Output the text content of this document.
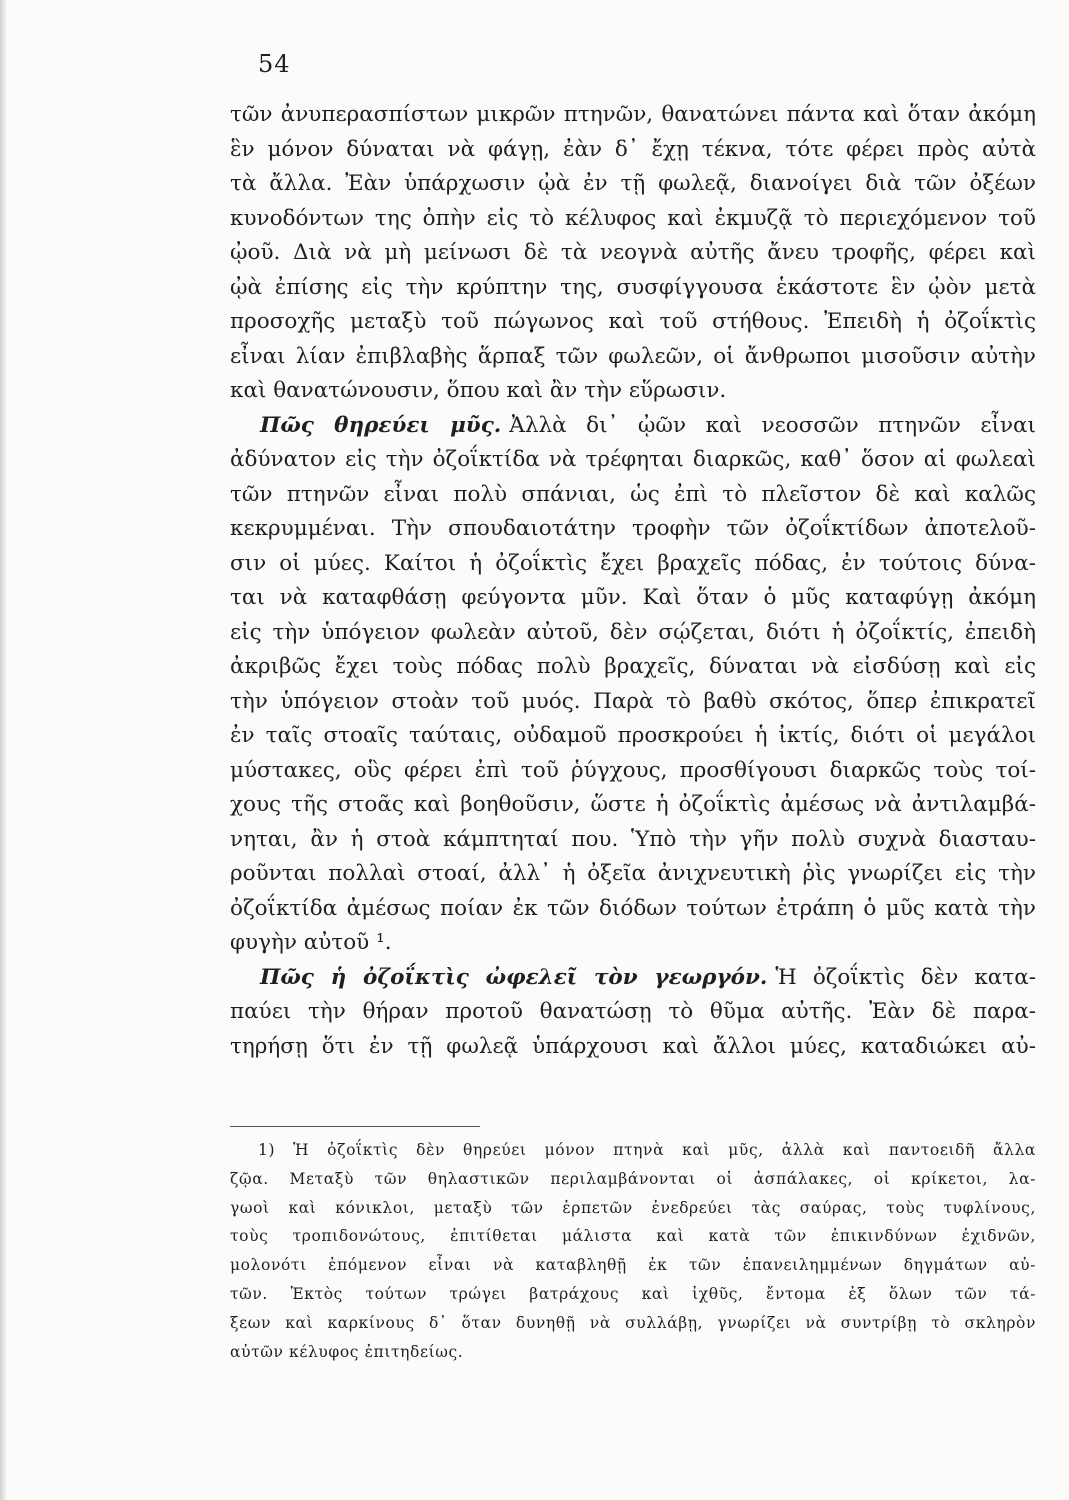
54
τῶν ἀνυπερασπίστων μικρῶν πτηνῶν, θανατώνει πάντα καὶ ὅταν ἀκόμη
ἓν μόνον δύναται νὰ φάγῃ, ἐὰν δ᾽ ἔχῃ τέκνα, τότε φέρει πρὸς αὐτὰ
τὰ ἄλλα. Ἐὰν ὑπάρχωσιν ᾠὰ ἐν τῇ φωλεᾷ, διανοίγει διὰ τῶν ὀξέων
κυνοδόντων της ὀπὴν εἰς τὸ κέλυφος καὶ ἐκμυζᾷ τὸ περιεχόμενον τοῦ
ᾠοῦ. Διὰ νὰ μὴ μείνωσι δὲ τὰ νεογνὰ αὐτῆς ἄνευ τροφῆς, φέρει καὶ
ᾠὰ ἐπίσης εἰς τὴν κρύπτην της, συσφίγγουσα ἑκάστοτε ἓν ᾠὸν μετὰ
προσοχῆς μεταξὺ τοῦ πώγωνος καὶ τοῦ στήθους. Ἐπειδὴ ἡ ὀζοΐκτὶς
εἶναι λίαν ἐπιβλαβὴς ἅρπαξ τῶν φωλεῶν, οἱ ἄνθρωποι μισοῦσιν αὐτὴν
καὶ θανατώνουσιν, ὅπου καὶ ἂν τὴν εὕρωσιν.
Πῶς θηρεύει μῦς. Ἀλλὰ δι᾽ ᾠῶν καὶ νεοσσῶν πτηνῶν εἶναι
ἀδύνατον εἰς τὴν ὀζοΐκτίδα νὰ τρέφηται διαρκῶς, καθ᾽ ὅσον αἱ φωλεαὶ
τῶν πτηνῶν εἶναι πολὺ σπάνιαι, ὡς ἐπὶ τὸ πλεῖστον δὲ καὶ καλῶς
κεκρυμμέναι. Τὴν σπουδαιοτάτην τροφὴν τῶν ὀζοΐκτίδων ἀποτελοῦ-
σιν οἱ μύες. Καίτοι ἡ ὀζοΐκτὶς ἔχει βραχεῖς πόδας, ἐν τούτοις δύνα-
ται νὰ καταφθάσῃ φεύγοντα μῦν. Καὶ ὅταν ὁ μῦς καταφύγῃ ἀκόμη
εἰς τὴν ὑπόγειον φωλεὰν αὐτοῦ, δὲν σῴζεται, διότι ἡ ὀζοΐκτίς, ἐπειδὴ
ἀκριβῶς ἔχει τοὺς πόδας πολὺ βραχεῖς, δύναται νὰ εἰσδύσῃ καὶ εἰς
τὴν ὑπόγειον στοὰν τοῦ μυός. Παρὰ τὸ βαθὺ σκότος, ὅπερ ἐπικρατεῖ
ἐν ταῖς στοαῖς ταύταις, οὐδαμοῦ προσκρούει ἡ ἰκτίς, διότι οἱ μεγάλοι
μύστακες, οὓς φέρει ἐπὶ τοῦ ῥύγχους, προσθίγουσι διαρκῶς τοὺς τοί-
χους τῆς στοᾶς καὶ βοηθοῦσιν, ὥστε ἡ ὀζοΐκτὶς ἀμέσως νὰ ἀντιλαμβά-
νηται, ἂν ἡ στοὰ κάμπτηταί που. Ὑπὸ τὴν γῆν πολὺ συχνὰ διασταυ-
ροῦνται πολλαὶ στοαί, ἀλλ᾽ ἡ ὀξεῖα ἀνιχνευτικὴ ῥὶς γνωρίζει εἰς τὴν
ὀζοΐκτίδα ἀμέσως ποίαν ἐκ τῶν διόδων τούτων ἐτράπη ὁ μῦς κατὰ τὴν
φυγὴν αὐτοῦ ¹.
Πῶς ἡ ὀζοΐκτὶς ὠφελεῖ τὸν γεωργόν. Ἡ ὀζοΐκτὶς δὲν κατα-
παύει τὴν θήραν προτοῦ θανατώσῃ τὸ θῦμα αὐτῆς. Ἐὰν δὲ παρα-
τηρήσῃ ὅτι ἐν τῇ φωλεᾷ ὑπάρχουσι καὶ ἄλλοι μύες, καταδιώκει αὐ-
1) Ἡ ὀζοΐκτὶς δὲν θηρεύει μόνον πτηνὰ καὶ μῦς, ἀλλὰ καὶ παντοειδῆ ἄλλα
ζῷα. Μεταξὺ τῶν θηλαστικῶν περιλαμβάνονται οἱ ἀσπάλακες, οἱ κρίκετοι, λα-
γωοὶ καὶ κόνικλοι, μεταξὺ τῶν ἑρπετῶν ἐνεδρεύει τὰς σαύρας, τοὺς τυφλίνους,
τοὺς τροπιδονώτους, ἐπιτίθεται μάλιστα καὶ κατὰ τῶν ἐπικινδύνων ἐχιδνῶν,
μολονότι ἑπόμενον εἶναι νὰ καταβληθῇ ἐκ τῶν ἐπανειλημμένων δηγμάτων αὐ-
τῶν. Ἐκτὸς τούτων τρώγει βατράχους καὶ ἰχθῦς, ἔντομα ἐξ ὅλων τῶν τά-
ξεων καὶ καρκίνους δ᾽ ὅταν δυνηθῇ νὰ συλλάβῃ, γνωρίζει νὰ συντρίβῃ τὸ σκληρὸν
αὐτῶν κέλυφος ἐπιτηδείως.
